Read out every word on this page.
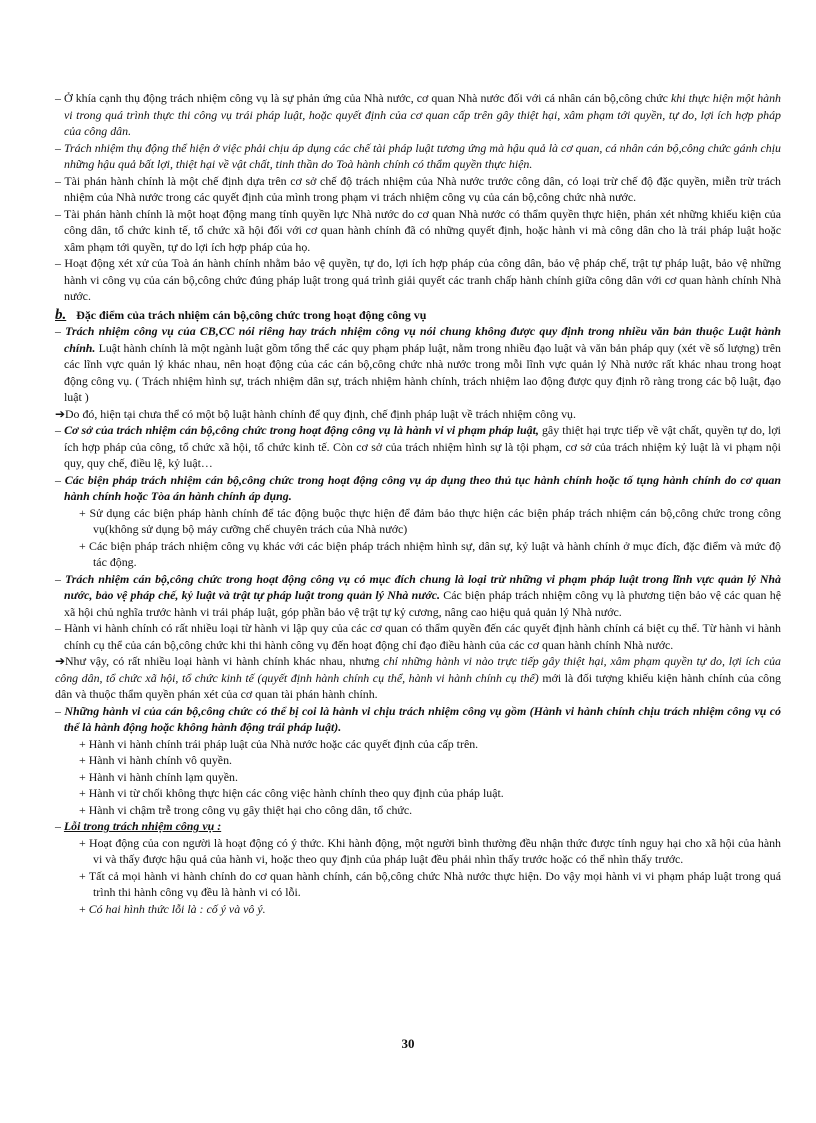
– Ở khía cạnh thụ động trách nhiệm công vụ là sự phản ứng của Nhà nước, cơ quan Nhà nước đối với cá nhân cán bộ,công chức khi thực hiện một hành vi trong quá trình thực thi công vụ trái pháp luật, hoặc quyết định của cơ quan cấp trên gây thiệt hại, xâm phạm tới quyền, tự do, lợi ích hợp pháp của công dân.

– Trách nhiệm thụ động thể hiện ở việc phải chịu áp dụng các chế tài pháp luật tương ứng mà hậu quả là cơ quan, cá nhân cán bộ,công chức gánh chịu những hậu quả bất lợi, thiệt hại về vật chất, tinh thần do Toà hành chính có thẩm quyền thực hiện.

– Tài phán hành chính là một chế định dựa trên cơ sở chế độ trách nhiệm của Nhà nước trước công dân, có loại trừ chế độ đặc quyền, miễn trừ trách nhiệm của Nhà nước trong các quyết định của mình trong phạm vi trách nhiệm công vụ của cán bộ,công chức nhà nước.

– Tài phán hành chính là một hoạt động mang tính quyền lực Nhà nước do cơ quan Nhà nước có thẩm quyền thực hiện, phán xét những khiếu kiện của công dân, tổ chức kinh tế, tổ chức xã hội đối với cơ quan hành chính đã có những quyết định, hoặc hành vi mà công dân cho là trái pháp luật hoặc xâm phạm tới quyền, tự do lợi ích hợp pháp của họ.

– Hoạt động xét xử của Toà án hành chính nhằm bảo vệ quyền, tự do, lợi ích hợp pháp của công dân, bảo vệ pháp chế, trật tự pháp luật, bảo vệ những hành vi công vụ của cán bộ,công chức đúng pháp luật trong quá trình giải quyết các tranh chấp hành chính giữa công dân với cơ quan hành chính Nhà nước.

b. Đặc điểm của trách nhiệm cán bộ,công chức trong hoạt động công vụ

– Trách nhiệm công vụ của CB,CC nói riêng hay trách nhiệm công vụ nói chung không được quy định trong nhiều văn bản thuộc Luật hành chính. Luật hành chính là một ngành luật gồm tổng thể các quy phạm pháp luật, nằm trong nhiều đạo luật và văn bản pháp quy (xét về số lượng) trên các lĩnh vực quản lý khác nhau, nên hoạt động của các cán bộ,công chức nhà nước trong mỗi lĩnh vực quản lý Nhà nước rất khác nhau trong hoạt động công vụ. ( Trách nhiệm hình sự, trách nhiệm dân sự, trách nhiệm hành chính, trách nhiệm lao động được quy định rõ ràng trong các bộ luật, đạo luật )

➔Do đó, hiện tại chưa thể có một bộ luật hành chính để quy định, chế định pháp luật về trách nhiệm công vụ.

– Cơ sở của trách nhiệm cán bộ,công chức trong hoạt động công vụ là hành vi vi phạm pháp luật, gây thiệt hại trực tiếp về vật chất, quyền tự do, lợi ích hợp pháp của công, tổ chức xã hội, tổ chức kinh tế. Còn cơ sở của trách nhiệm hình sự là tội phạm, cơ sở của trách nhiệm kỷ luật là vi phạm nội quy, quy chế, điều lệ, kỷ luật…

– Các biện pháp trách nhiệm cán bộ,công chức trong hoạt động công vụ áp dụng theo thủ tục hành chính hoặc tố tụng hành chính do cơ quan hành chính hoặc Tòa án hành chính áp dụng.

+ Sử dụng các biện pháp hành chính để tác động buộc thực hiện để đảm bảo thực hiện các biện pháp trách nhiệm cán bộ,công chức trong công vụ(không sử dụng bộ máy cưỡng chế chuyên trách của Nhà nước)

+ Các biện pháp trách nhiệm công vụ khác với các biện pháp trách nhiệm hình sự, dân sự, kỷ luật và hành chính ở mục đích, đặc điểm và mức độ tác động.

– Trách nhiệm cán bộ,công chức trong hoạt động công vụ có mục đích chung là loại trừ những vi phạm pháp luật trong lĩnh vực quản lý Nhà nước, bảo vệ pháp chế, kỷ luật và trật tự pháp luật trong quản lý Nhà nước. Các biện pháp trách nhiệm công vụ là phương tiện bảo vệ các quan hệ xã hội chủ nghĩa trước hành vi trái pháp luật, góp phần bảo vệ trật tự kỷ cương, nâng cao hiệu quả quản lý Nhà nước.

– Hành vi hành chính có rất nhiều loại từ hành vi lập quy của các cơ quan có thẩm quyền đến các quyết định hành chính cá biệt cụ thể. Từ hành vi hành chính cụ thể của cán bộ,công chức khi thi hành công vụ đến hoạt động chỉ đạo điều hành của các cơ quan hành chính Nhà nước.

➔Như vậy, có rất nhiều loại hành vi hành chính khác nhau, nhưng chỉ những hành vi nào trực tiếp gây thiệt hại, xâm phạm quyền tự do, lợi ích của công dân, tổ chức xã hội, tổ chức kinh tế (quyết định hành chính cụ thể, hành vi hành chính cụ thể) mới là đối tượng khiếu kiện hành chính của công dân và thuộc thẩm quyền phán xét của cơ quan tài phán hành chính.

– Những hành vi của cán bộ,công chức có thể bị coi là hành vi chịu trách nhiệm công vụ gồm (Hành vi hành chính chịu trách nhiệm công vụ có thể là hành động hoặc không hành động trái pháp luật).

+ Hành vi hành chính trái pháp luật của Nhà nước hoặc các quyết định của cấp trên.

+ Hành vi hành chính vô quyền.

+ Hành vi hành chính lạm quyền.

+ Hành vi từ chối không thực hiện các công việc hành chính theo quy định của pháp luật.

+ Hành vi chậm trễ trong công vụ gây thiệt hại cho công dân, tổ chức.

– Lỗi trong trách nhiệm công vụ :

+ Hoạt động của con người là hoạt động có ý thức. Khi hành động, một người bình thường đều nhận thức được tính nguy hại cho xã hội của hành vi và thấy được hậu quả của hành vi, hoặc theo quy định của pháp luật đều phải nhìn thấy trước hoặc có thể nhìn thấy trước.

+ Tất cả mọi hành vi hành chính do cơ quan hành chính, cán bộ,công chức Nhà nước thực hiện. Do vậy mọi hành vi vi phạm pháp luật trong quá trình thi hành công vụ đều là hành vi có lỗi.

+ Có hai hình thức lỗi là : cố ý và vô ý.

30
